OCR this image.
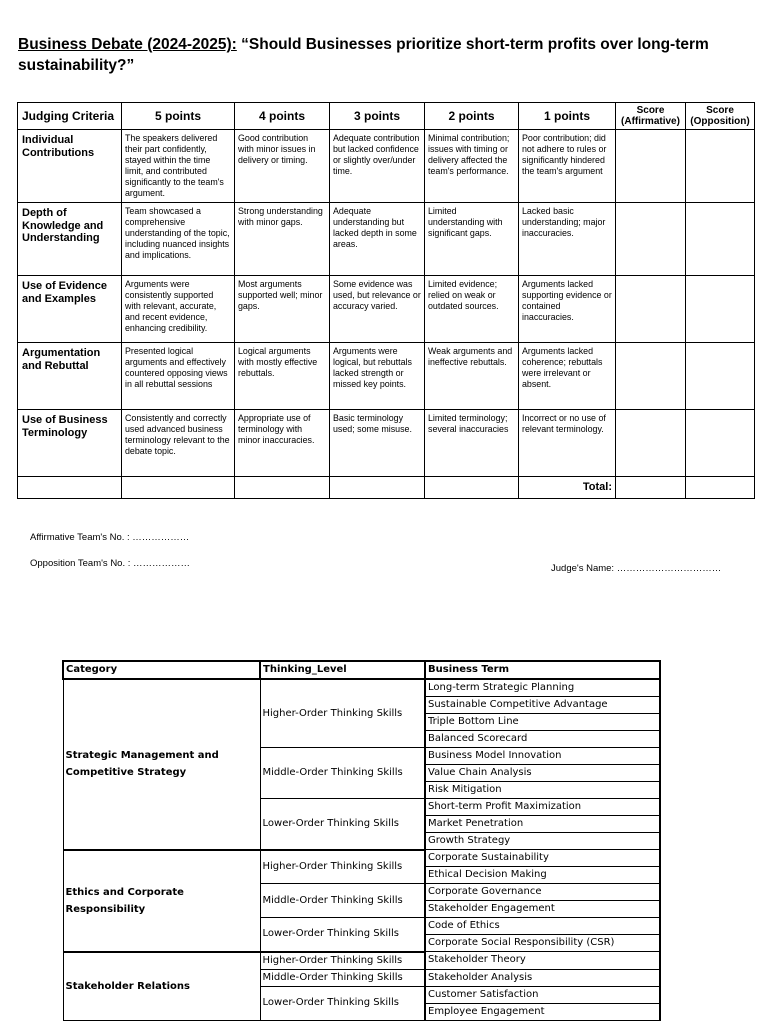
Business Debate (2024-2025): “Should Businesses prioritize short-term profits over long-term sustainability?”
Judging Criteria	5 points	4 points	3 points	2 points	1 points	Score (Affirmative)	Score (Opposition)
Individual Contributions	The speakers delivered their part confidently, stayed within the time limit, and contributed significantly to the team's argument.	Good contribution with minor issues in delivery or timing.	Adequate contribution but lacked confidence or slightly over/under time.	Minimal contribution; issues with timing or delivery affected the team's performance.	Poor contribution; did not adhere to rules or significantly hindered the team's argument		
Depth of Knowledge and Understanding	Team showcased a comprehensive understanding of the topic, including nuanced insights and implications.	Strong understanding with minor gaps.	Adequate understanding but lacked depth in some areas.	Limited understanding with significant gaps.	Lacked basic understanding; major inaccuracies.		
Use of Evidence and Examples	Arguments were consistently supported with relevant, accurate, and recent evidence, enhancing credibility.	Most arguments supported well; minor gaps.	Some evidence was used, but relevance or accuracy varied.	Limited evidence; relied on weak or outdated sources.	Arguments lacked supporting evidence or contained inaccuracies.		
Argumentation and Rebuttal	Presented logical arguments and effectively countered opposing views in all rebuttal sessions	Logical arguments with mostly effective rebuttals.	Arguments were logical, but rebuttals lacked strength or missed key points.	Weak arguments and ineffective rebuttals.	Arguments lacked coherence; rebuttals were irrelevant or absent.		
Use of Business Terminology	Consistently and correctly used advanced business terminology relevant to the debate topic.	Appropriate use of terminology with minor inaccuracies.	Basic terminology used; some misuse.	Limited terminology; several inaccuracies	Incorrect or no use of relevant terminology.		
					Total:		
Affirmative Team's No. : ………………
Opposition Team's No. : ………………	Judge's Name: ……………………………
Category	Thinking_Level	Business Term
Strategic Management and Competitive Strategy	Higher-Order Thinking Skills	Long-term Strategic Planning
		Sustainable Competitive Advantage
		Triple Bottom Line
		Balanced Scorecard
	Middle-Order Thinking Skills	Business Model Innovation
		Value Chain Analysis
		Risk Mitigation
	Lower-Order Thinking Skills	Short-term Profit Maximization
		Market Penetration
		Growth Strategy
Ethics and Corporate Responsibility	Higher-Order Thinking Skills	Corporate Sustainability
		Ethical Decision Making
	Middle-Order Thinking Skills	Corporate Governance
		Stakeholder Engagement
	Lower-Order Thinking Skills	Code of Ethics
		Corporate Social Responsibility (CSR)
Stakeholder Relations	Higher-Order Thinking Skills	Stakeholder Theory
	Middle-Order Thinking Skills	Stakeholder Analysis
	Lower-Order Thinking Skills	Customer Satisfaction
		Employee Engagement
